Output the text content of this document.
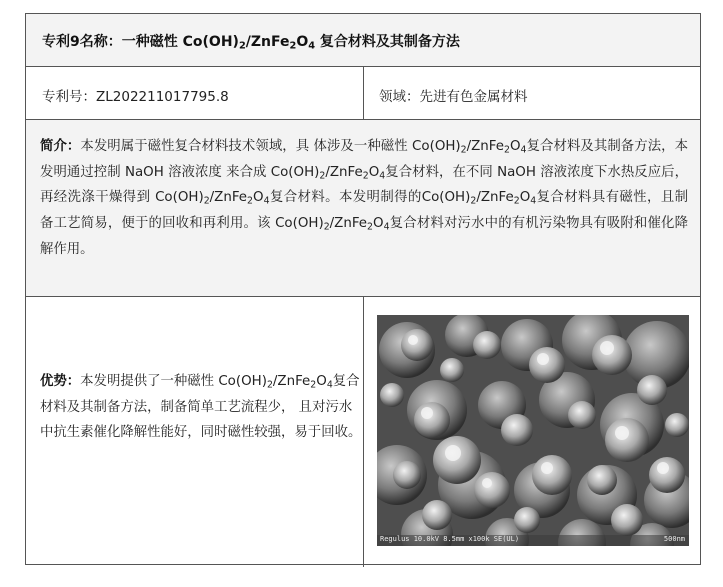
专利9名称：一种磁性 $Co(OH)_2/ZnFe_2O_4$ 复合材料及其制备方法
专利号：ZL202211017795.8	领域：先进有色金属材料
简介：本发明属于磁性复合材料技术领域，具 体涉及一种磁性 $Co(OH)_2/ZnFe_2O_4$复合材料及其制备方法，本发明通过控制 NaOH 溶液浓度 来合成 $Co(OH)_2/ZnFe_2O_4$复合材料，在不同 NaOH 溶液浓度下水热反应后，再经洗涤干燥得到 $Co(OH)_2/ZnFe_2O_4$复合材料。本发明制得的$Co(OH)_2/ZnFe_2O_4$复合材料具有磁性，且制备工艺简易，便于的回收和再利用。该 $Co(OH)_2/ZnFe_2O_4$复合材料对污水中的有机污染物具有吸附和催化降解作用。
优势：本发明提供了一种磁性 $Co(OH)_2/ZnFe_2O_4$复合材料及其制备方法，制备简单工艺流程少， 且对污水中抗生素催化降解性能好，同时磁性较强，易于回收。
Regulus 10.0kV 8.5mm x100k SE(UL)	500nm
